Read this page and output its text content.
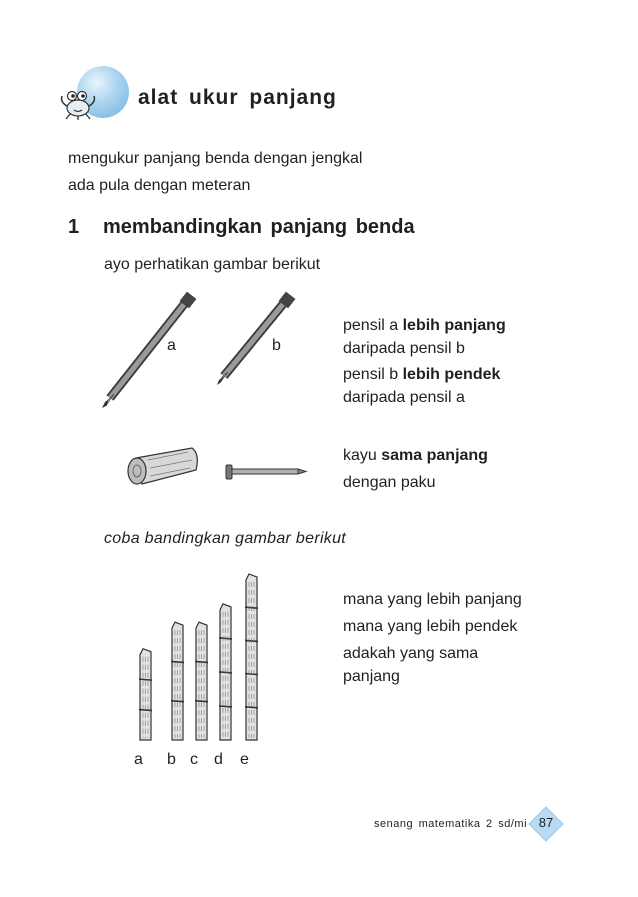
alat ukur panjang
mengukur panjang benda dengan jengkal
ada pula dengan meteran
1 membandingkan panjang benda
ayo perhatikan gambar berikut
a	b
pensil a lebih panjang
daripada pensil b
pensil b lebih pendek
daripada pensil a
kayu sama panjang
dengan paku
coba bandingkan gambar berikut
a b c d e
mana yang lebih panjang
mana yang lebih pendek
adakah yang sama
panjang
senang matematika 2 sd/mi 87
